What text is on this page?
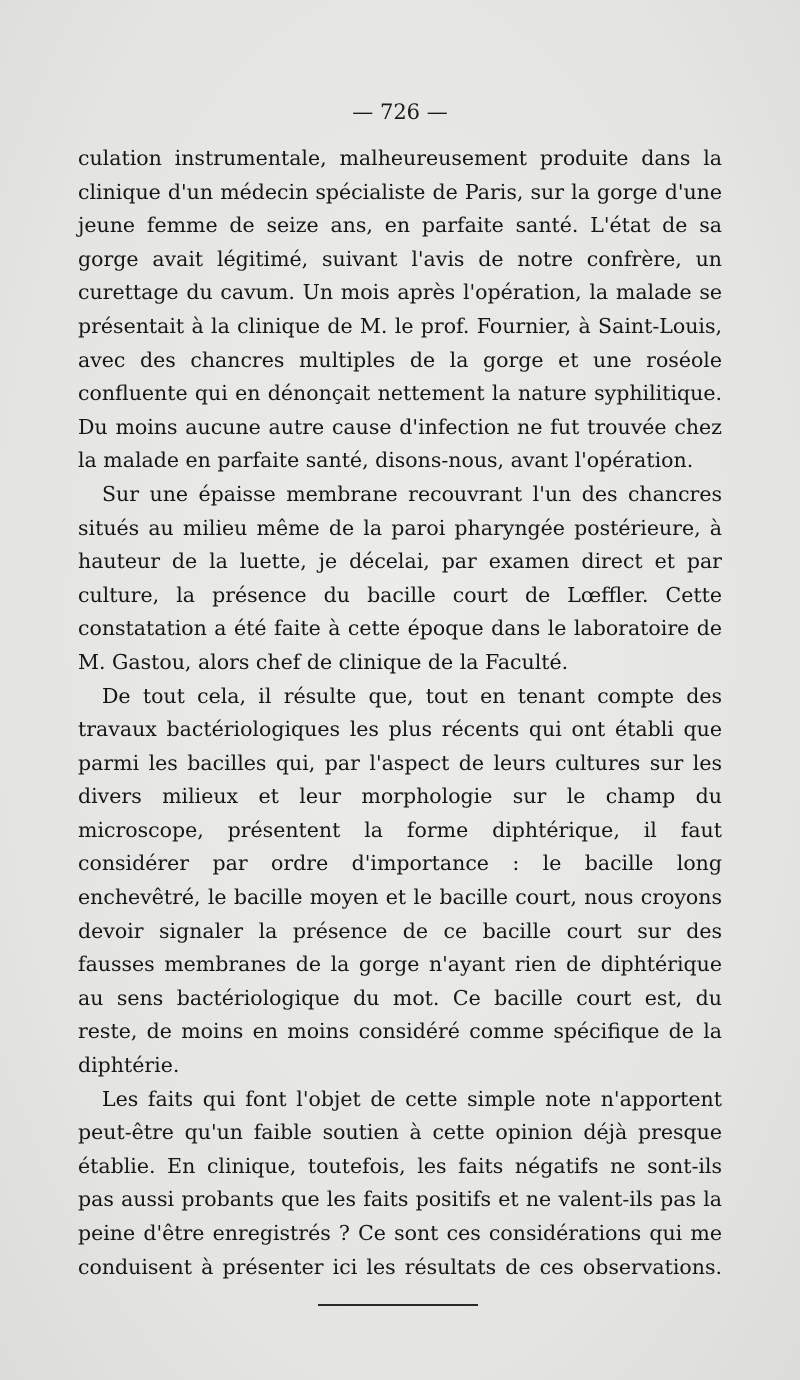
— 726 —

culation instrumentale, malheureusement produite dans la clinique d'un médecin spécialiste de Paris, sur la gorge d'une jeune femme de seize ans, en parfaite santé. L'état de sa gorge avait légitimé, suivant l'avis de notre confrère, un curettage du cavum. Un mois après l'opération, la malade se présentait à la clinique de M. le prof. Fournier, à Saint-Louis, avec des chancres multiples de la gorge et une roséole confluente qui en dénonçait nettement la nature syphilitique. Du moins aucune autre cause d'infection ne fut trouvée chez la malade en parfaite santé, disons-nous, avant l'opération.

Sur une épaisse membrane recouvrant l'un des chancres situés au milieu même de la paroi pharyngée postérieure, à hauteur de la luette, je décelai, par examen direct et par culture, la présence du bacille court de Lœffler. Cette constatation a été faite à cette époque dans le laboratoire de M. Gastou, alors chef de clinique de la Faculté.

De tout cela, il résulte que, tout en tenant compte des travaux bactériologiques les plus récents qui ont établi que parmi les bacilles qui, par l'aspect de leurs cultures sur les divers milieux et leur morphologie sur le champ du microscope, présentent la forme diphtérique, il faut considérer par ordre d'importance : le bacille long enchevêtré, le bacille moyen et le bacille court, nous croyons devoir signaler la présence de ce bacille court sur des fausses membranes de la gorge n'ayant rien de diphtérique au sens bactériologique du mot. Ce bacille court est, du reste, de moins en moins considéré comme spécifique de la diphtérie.

Les faits qui font l'objet de cette simple note n'apportent peut-être qu'un faible soutien à cette opinion déjà presque établie. En clinique, toutefois, les faits négatifs ne sont-ils pas aussi probants que les faits positifs et ne valent-ils pas la peine d'être enregistrés ? Ce sont ces considérations qui me conduisent à présenter ici les résultats de ces observations.
